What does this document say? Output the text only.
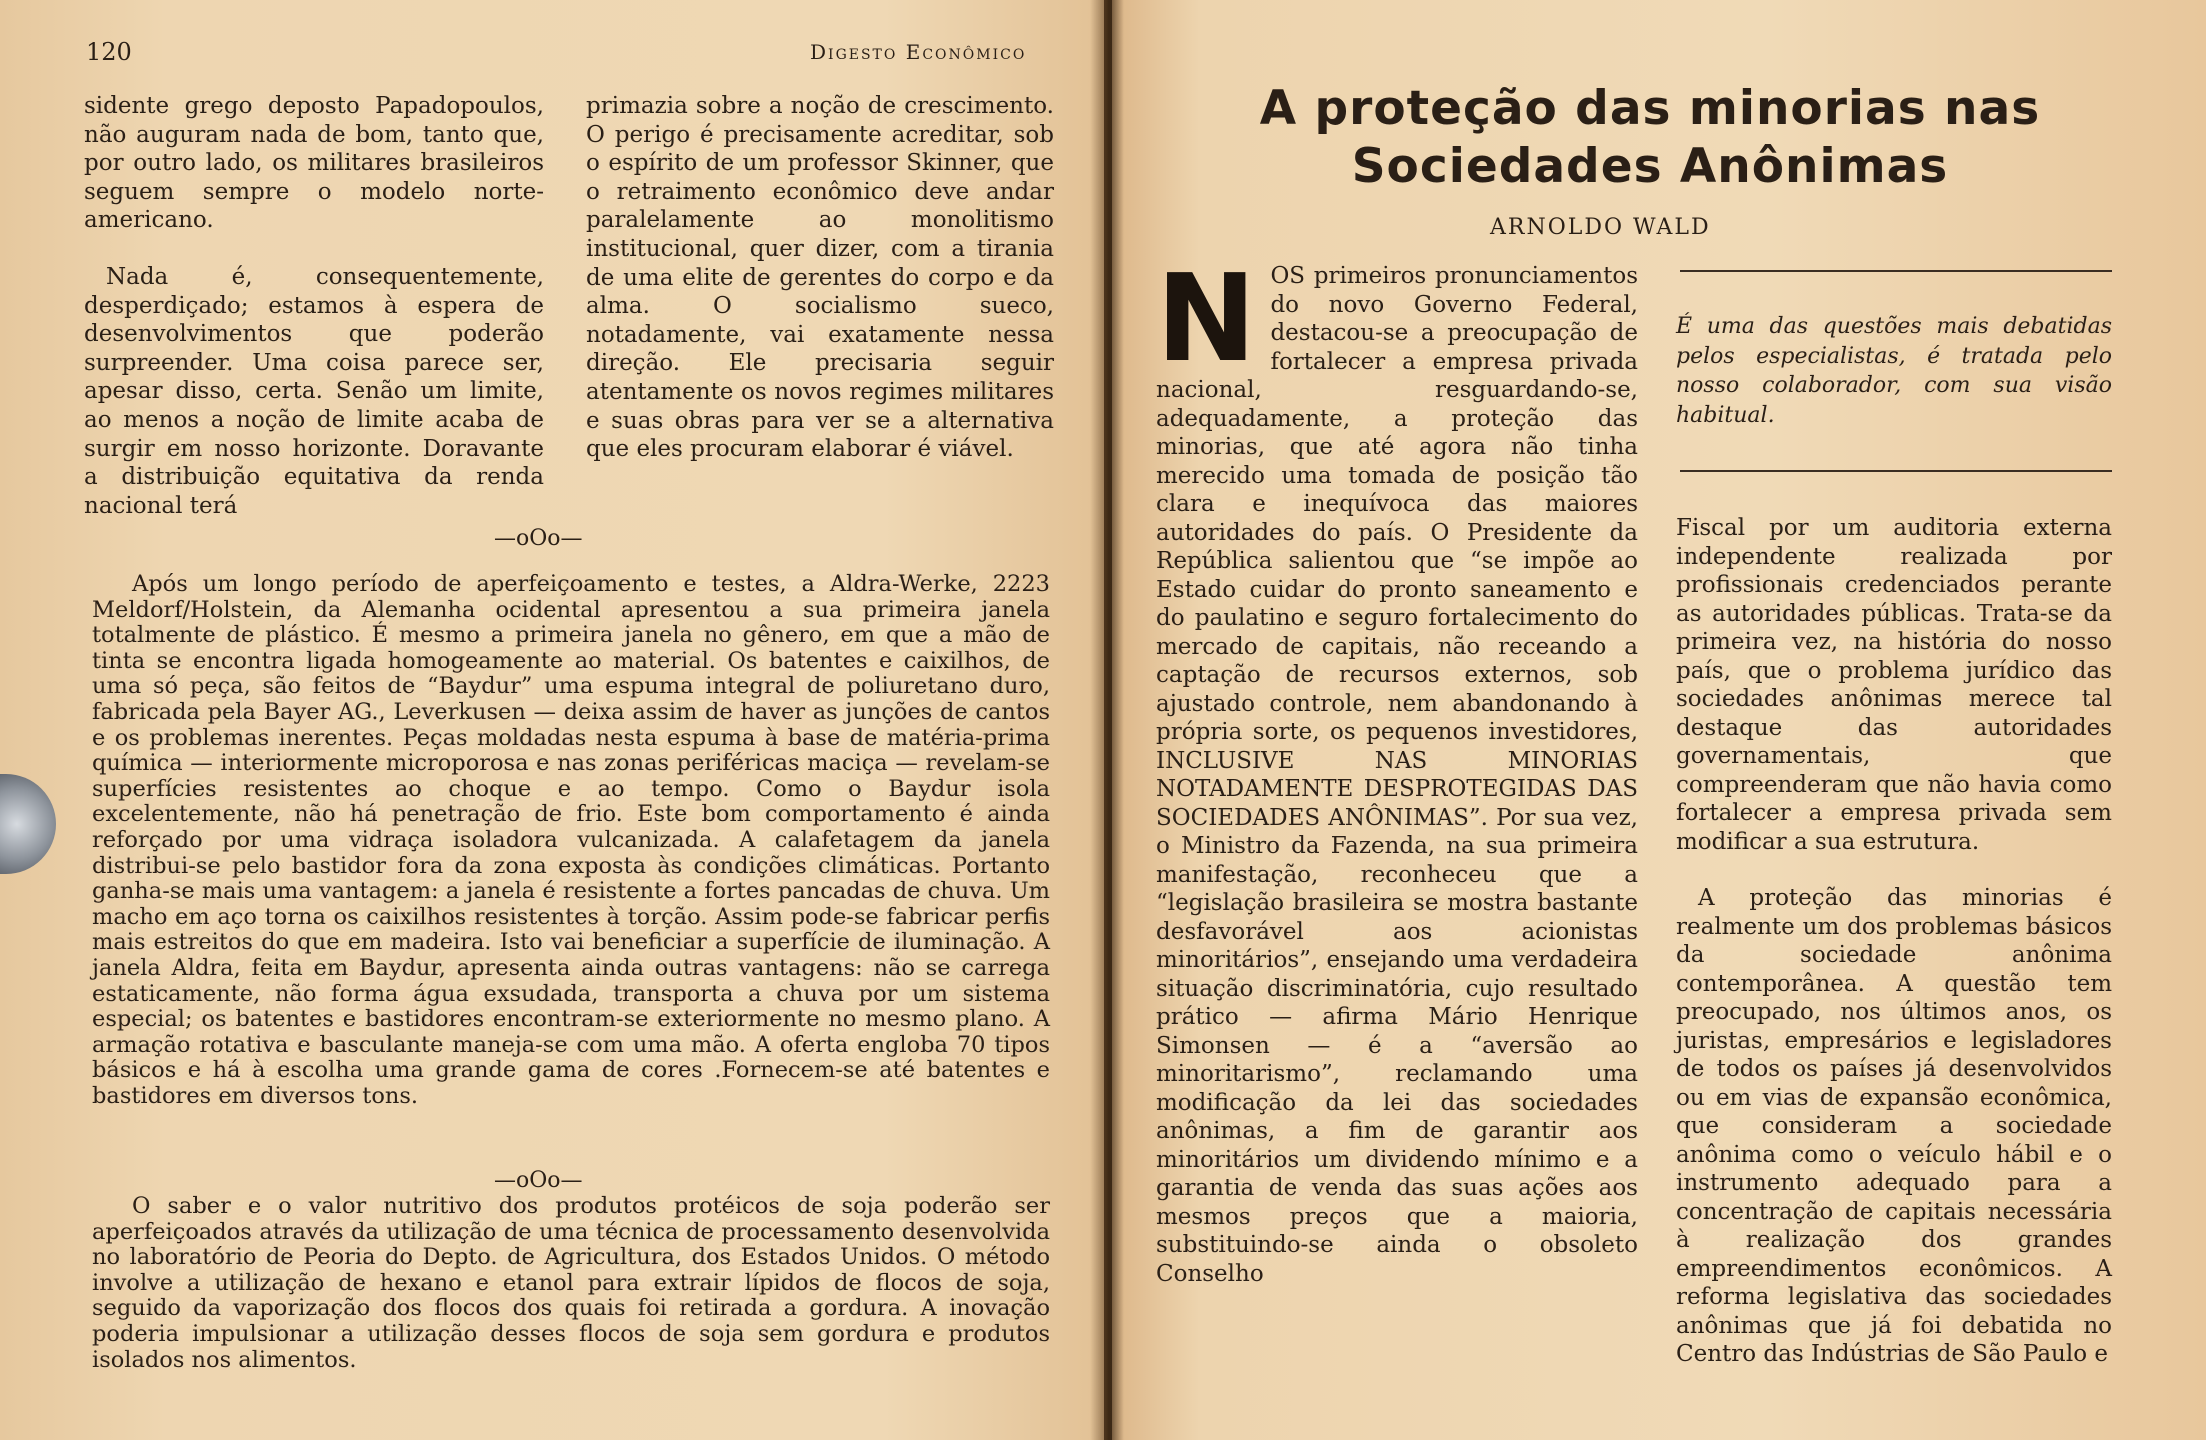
120	Digesto Econômico

sidente grego deposto Papadopoulos, não auguram nada de bom, tanto que, por outro lado, os militares brasileiros seguem sempre o modelo norte-americano.

Nada é, consequentemente, desperdiçado; estamos à espera de desenvolvimentos que poderão surpreender. Uma coisa parece ser, apesar disso, certa. Senão um limite, ao menos a noção de limite acaba de surgir em nosso horizonte. Doravante a distribuição equitativa da renda nacional terá

primazia sobre a noção de crescimento. O perigo é precisamente acreditar, sob o espírito de um professor Skinner, que o retraimento econômico deve andar paralelamente ao monolitismo institucional, quer dizer, com a tirania de uma elite de gerentes do corpo e da alma. O socialismo sueco, notadamente, vai exatamente nessa direção. Ele precisaria seguir atentamente os novos regimes militares e suas obras para ver se a alternativa que eles procuram elaborar é viável.

—oOo—

Após um longo período de aperfeiçoamento e testes, a Aldra-Werke, 2223 Meldorf/Holstein, da Alemanha ocidental apresentou a sua primeira janela totalmente de plástico. É mesmo a primeira janela no gênero, em que a mão de tinta se encontra ligada homogeamente ao material. Os batentes e caixilhos, de uma só peça, são feitos de “Baydur” uma espuma integral de poliuretano duro, fabricada pela Bayer AG., Leverkusen — deixa assim de haver as junções de cantos e os problemas inerentes. Peças moldadas nesta espuma à base de matéria-prima química — interiormente microporosa e nas zonas periféricas maciça — revelam-se superfícies resistentes ao choque e ao tempo. Como o Baydur isola excelentemente, não há penetração de frio. Este bom comportamento é ainda reforçado por uma vidraça isoladora vulcanizada. A calafetagem da janela distribui-se pelo bastidor fora da zona exposta às condições climáticas. Portanto ganha-se mais uma vantagem: a janela é resistente a fortes pancadas de chuva. Um macho em aço torna os caixilhos resistentes à torção. Assim pode-se fabricar perfis mais estreitos do que em madeira. Isto vai beneficiar a superfície de iluminação. A janela Aldra, feita em Baydur, apresenta ainda outras vantagens: não se carrega estaticamente, não forma água exsudada, transporta a chuva por um sistema especial; os batentes e bastidores encontram-se exteriormente no mesmo plano. A armação rotativa e basculante maneja-se com uma mão. A oferta engloba 70 tipos básicos e há à escolha uma grande gama de cores .Fornecem-se até batentes e bastidores em diversos tons.

—oOo—

O saber e o valor nutritivo dos produtos protéicos de soja poderão ser aperfeiçoados através da utilização de uma técnica de processamento desenvolvida no laboratório de Peoria do Depto. de Agricultura, dos Estados Unidos. O método involve a utilização de hexano e etanol para extrair lípidos de flocos de soja, seguido da vaporização dos flocos dos quais foi retirada a gordura. A inovação poderia impulsionar a utilização desses flocos de soja sem gordura e produtos isolados nos alimentos.

A proteção das minorias nas
Sociedades Anônimas
ARNOLDO WALD
É uma das questões mais debatidas pelos especialistas, é tratada pelo nosso colaborador, com sua visão habitual.
N OS primeiros pronunciamentos do novo Governo Federal, destacou-se a preocupação de fortalecer a empresa privada nacional, resguardando-se, adequadamente, a proteção das minorias, que até agora não tinha merecido uma tomada de posição tão clara e inequívoca das maiores autoridades do país. O Presidente da República salientou que “se impõe ao Estado cuidar do pronto saneamento e do paulatino e seguro fortalecimento do mercado de capitais, não receando a captação de recursos externos, sob ajustado controle, nem abandonando à própria sorte, os pequenos investidores, INCLUSIVE NAS MINORIAS NOTADAMENTE DESPROTEGIDAS DAS SOCIEDADES ANÔNIMAS”. Por sua vez, o Ministro da Fazenda, na sua primeira manifestação, reconheceu que a “legislação brasileira se mostra bastante desfavorável aos acionistas minoritários”, ensejando uma verdadeira situação discriminatória, cujo resultado prático — afirma Mário Henrique Simonsen — é a “aversão ao minoritarismo”, reclamando uma modificação da lei das sociedades anônimas, a fim de garantir aos minoritários um dividendo mínimo e a garantia de venda das suas ações aos mesmos preços que a maioria, substituindo-se ainda o obsoleto Conselho

Fiscal por um auditoria externa independente realizada por profissionais credenciados perante as autoridades públicas. Trata-se da primeira vez, na história do nosso país, que o problema jurídico das sociedades anônimas merece tal destaque das autoridades governamentais, que compreenderam que não havia como fortalecer a empresa privada sem modificar a sua estrutura.

A proteção das minorias é realmente um dos problemas básicos da sociedade anônima contemporânea. A questão tem preocupado, nos últimos anos, os juristas, empresários e legisladores de todos os países já desenvolvidos ou em vias de expansão econômica, que consideram a sociedade anônima como o veículo hábil e o instrumento adequado para a concentração de capitais necessária à realização dos grandes empreendimentos econômicos. A reforma legislativa das sociedades anônimas que já foi debatida no Centro das Indústrias de São Paulo e
